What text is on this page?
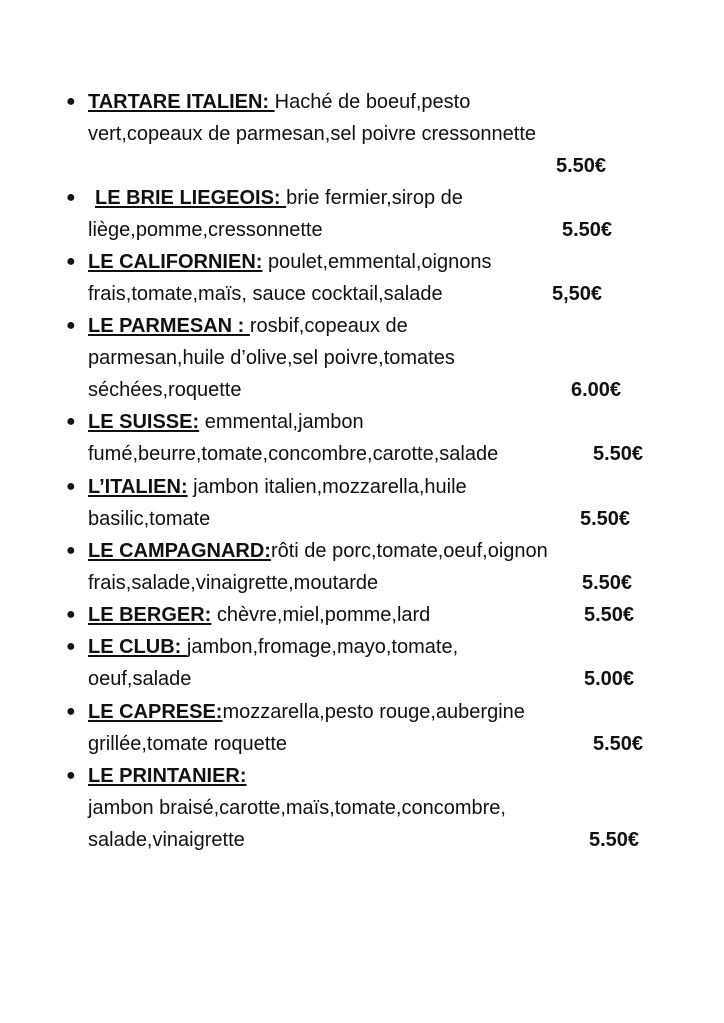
● TARTARE ITALIEN: Haché de boeuf,pesto
vert,copeaux de parmesan,sel poivre cressonnette
5.50€
● LE BRIE LIEGEOIS: brie fermier,sirop de
liège,pomme,cressonnette	5.50€
● LE CALIFORNIEN: poulet,emmental,oignons
frais,tomate,maïs, sauce cocktail,salade	5,50€
● LE PARMESAN : rosbif,copeaux de
parmesan,huile d’olive,sel poivre,tomates
séchées,roquette	6.00€
● LE SUISSE: emmental,jambon
fumé,beurre,tomate,concombre,carotte,salade	5.50€
● L’ITALIEN: jambon italien,mozzarella,huile
basilic,tomate	5.50€
● LE CAMPAGNARD:rôti de porc,tomate,oeuf,oignon
frais,salade,vinaigrette,moutarde	5.50€
● LE BERGER: chèvre,miel,pomme,lard	5.50€
● LE CLUB: jambon,fromage,mayo,tomate,
oeuf,salade	5.00€
● LE CAPRESE:mozzarella,pesto rouge,aubergine
grillée,tomate roquette	5.50€
● LE PRINTANIER:
jambon braisé,carotte,maïs,tomate,concombre,
salade,vinaigrette	5.50€
